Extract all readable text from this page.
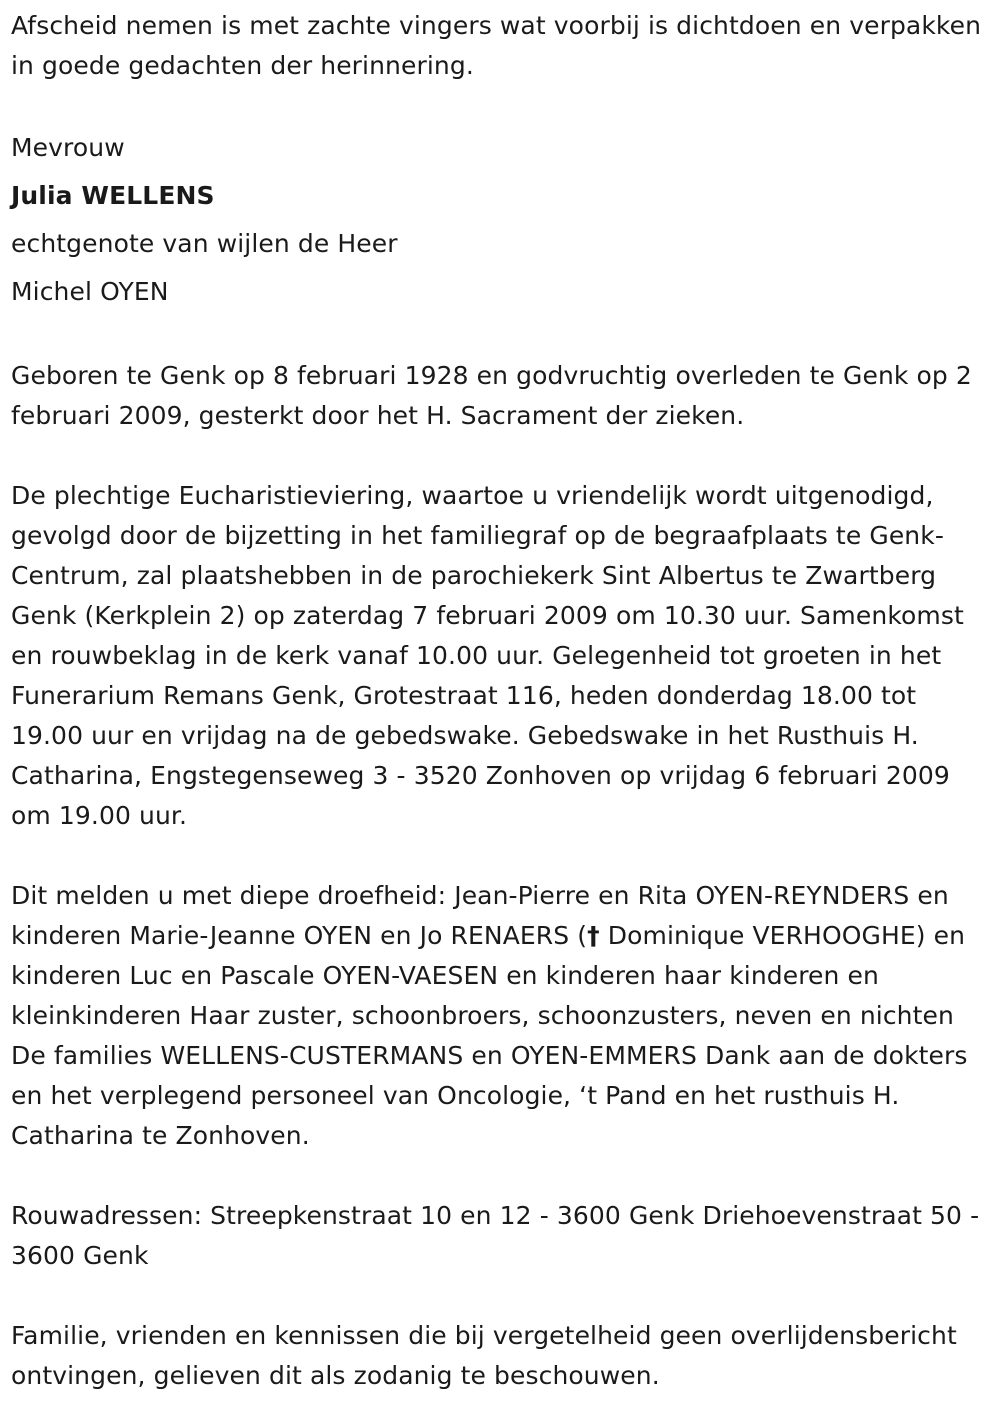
Afscheid nemen is met zachte vingers wat voorbij is dichtdoen en verpakken in goede gedachten der herinnering.

Mevrouw
Julia WELLENS
echtgenote van wijlen de Heer
Michel OYEN

Geboren te Genk op 8 februari 1928 en godvruchtig overleden te Genk op 2 februari 2009, gesterkt door het H. Sacrament der zieken.

De plechtige Eucharistieviering, waartoe u vriendelijk wordt uitgenodigd, gevolgd door de bijzetting in het familiegraf op de begraafplaats te Genk-Centrum, zal plaatshebben in de parochiekerk Sint Albertus te Zwartberg Genk (Kerkplein 2) op zaterdag 7 februari 2009 om 10.30 uur. Samenkomst en rouwbeklag in de kerk vanaf 10.00 uur. Gelegenheid tot groeten in het Funerarium Remans Genk, Grotestraat 116, heden donderdag 18.00 tot 19.00 uur en vrijdag na de gebedswake. Gebedswake in het Rusthuis H. Catharina, Engstegenseweg 3 - 3520 Zonhoven op vrijdag 6 februari 2009 om 19.00 uur.

Dit melden u met diepe droefheid: Jean-Pierre en Rita OYEN-REYNDERS en kinderen Marie-Jeanne OYEN en Jo RENAERS († Dominique VERHOOGHE) en kinderen Luc en Pascale OYEN-VAESEN en kinderen haar kinderen en kleinkinderen Haar zuster, schoonbroers, schoonzusters, neven en nichten De families WELLENS-CUSTERMANS en OYEN-EMMERS Dank aan de dokters en het verplegend personeel van Oncologie, ‘t Pand en het rusthuis H. Catharina te Zonhoven.

Rouwadressen: Streepkenstraat 10 en 12 - 3600 Genk Driehoevenstraat 50 - 3600 Genk

Familie, vrienden en kennissen die bij vergetelheid geen overlijdensbericht ontvingen, gelieven dit als zodanig te beschouwen.
